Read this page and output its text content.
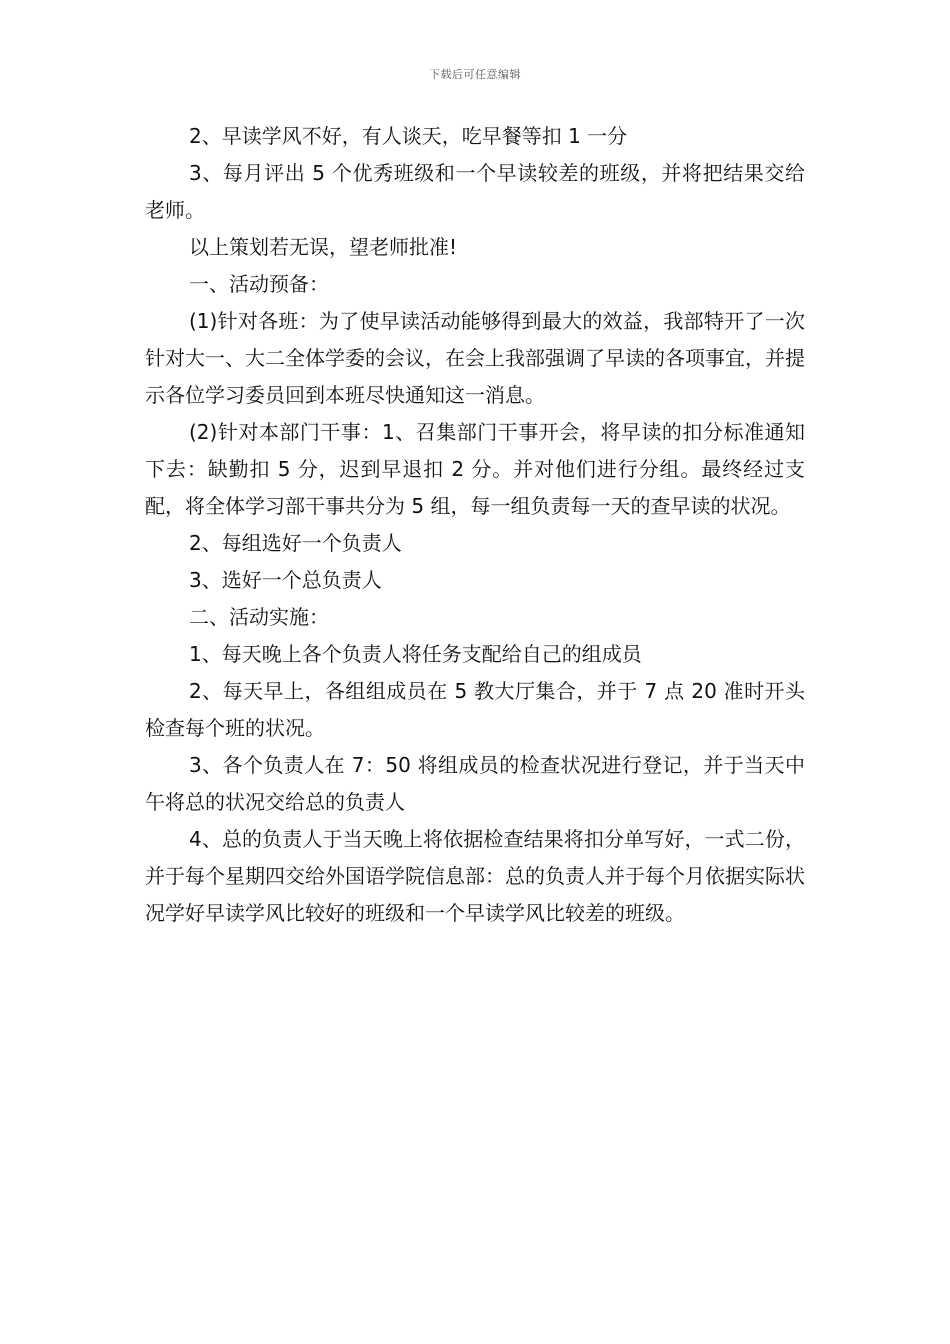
下载后可任意编辑

2、早读学风不好，有人谈天，吃早餐等扣 1 一分

3、每月评出 5 个优秀班级和一个早读较差的班级，并将把结果交给老师。

以上策划若无误，望老师批准!

一、活动预备：

(1)针对各班：为了使早读活动能够得到最大的效益，我部特开了一次针对大一、大二全体学委的会议，在会上我部强调了早读的各项事宜，并提示各位学习委员回到本班尽快通知这一消息。

(2)针对本部门干事：1、召集部门干事开会，将早读的扣分标准通知下去：缺勤扣 5 分，迟到早退扣 2 分。并对他们进行分组。最终经过支配，将全体学习部干事共分为 5 组，每一组负责每一天的查早读的状况。

2、每组选好一个负责人

3、选好一个总负责人

二、活动实施：

1、每天晚上各个负责人将任务支配给自己的组成员

2、每天早上，各组组成员在 5 教大厅集合，并于 7 点 20 准时开头检查每个班的状况。

3、各个负责人在 7：50 将组成员的检查状况进行登记，并于当天中午将总的状况交给总的负责人

4、总的负责人于当天晚上将依据检查结果将扣分单写好，一式二份，并于每个星期四交给外国语学院信息部：总的负责人并于每个月依据实际状况学好早读学风比较好的班级和一个早读学风比较差的班级。
